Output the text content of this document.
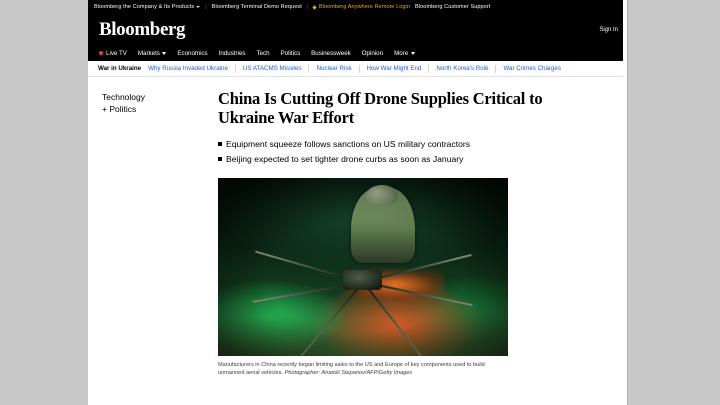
Bloomberg the Company & Its Products | Bloomberg Terminal Demo Request | Bloomberg Anywhere Remote Login Bloomberg Customer Support
Bloomberg	Sign In
Live TV Markets	Economics Industries Tech Politics Businessweek Opinion More
War in Ukraine Why Russia Invaded Ukraine US ATACMS Missiles Nuclear Risk How War Might End North Korea's Role War Crimes Charges
Technology
+ Politics
China Is Cutting Off Drone Supplies Critical to Ukraine War Effort
Equipment squeeze follows sanctions on US military contractors
Beijing expected to set tighter drone curbs as soon as January
Manufacturers in China recently began limiting sales to the US and Europe of key components used to build unmanned aerial vehicles. Photographer: Anatolii Stepanov/AFP/Getty Images
